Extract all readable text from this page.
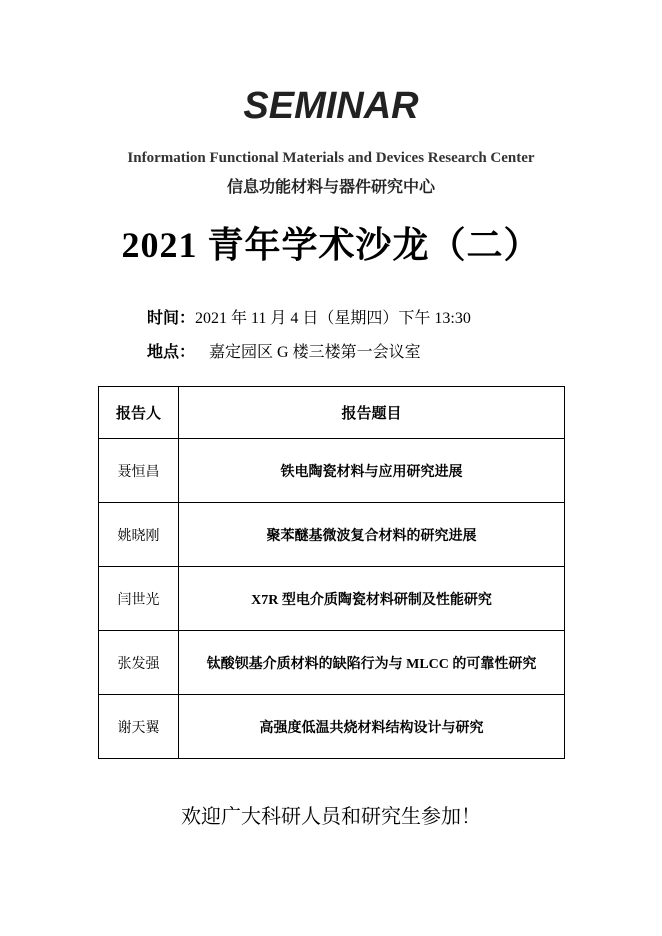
SEMINAR
Information Functional Materials and Devices Research Center
信息功能材料与器件研究中心
2021 青年学术沙龙（二）
时间：2021 年 11 月 4 日（星期四）下午 13:30
地点： 嘉定园区 G 楼三楼第一会议室
报告人	报告题目
聂恒昌	铁电陶瓷材料与应用研究进展
姚晓刚	聚苯醚基微波复合材料的研究进展
闫世光	X7R 型电介质陶瓷材料研制及性能研究
张发强	钛酸钡基介质材料的缺陷行为与 MLCC 的可靠性研究
谢天翼	高强度低温共烧材料结构设计与研究
欢迎广大科研人员和研究生参加！
